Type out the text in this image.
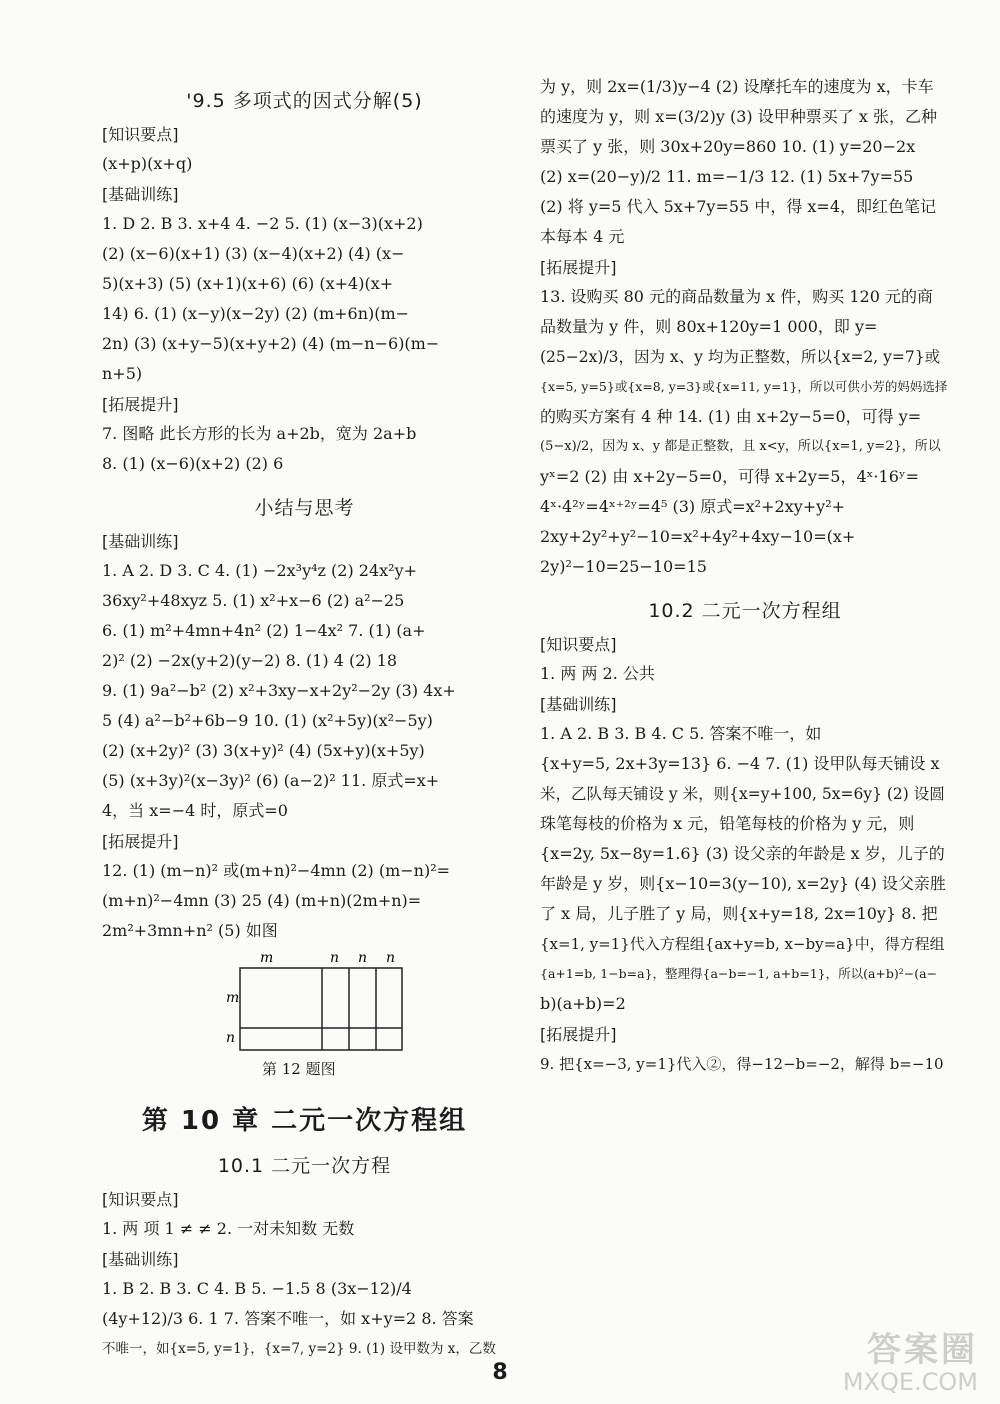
'9.5 多项式的因式分解(5)
[知识要点]
(x+p)(x+q)
[基础训练]
1. D 2. B 3. x+4 4. −2 5. (1) (x−3)(x+2)
(2) (x−6)(x+1) (3) (x−4)(x+2) (4) (x−
5)(x+3) (5) (x+1)(x+6) (6) (x+4)(x+
14) 6. (1) (x−y)(x−2y) (2) (m+6n)(m−
2n) (3) (x+y−5)(x+y+2) (4) (m−n−6)(m−
n+5)
[拓展提升]
7. 图略 此长方形的长为 a+2b，宽为 2a+b
8. (1) (x−6)(x+2) (2) 6
小结与思考
[基础训练]
1. A 2. D 3. C 4. (1) −2x³y⁴z (2) 24x²y+
36xy²+48xyz 5. (1) x²+x−6 (2) a²−25
6. (1) m²+4mn+4n² (2) 1−4x² 7. (1) (a+
2)² (2) −2x(y+2)(y−2) 8. (1) 4 (2) 18
9. (1) 9a²−b² (2) x²+3xy−x+2y²−2y (3) 4x+
5 (4) a²−b²+6b−9 10. (1) (x²+5y)(x²−5y)
(2) (x+2y)² (3) 3(x+y)² (4) (5x+y)(x+5y)
(5) (x+3y)²(x−3y)² (6) (a−2)² 11. 原式=x+
4，当 x=−4 时，原式=0
[拓展提升]
12. (1) (m−n)² 或(m+n)²−4mn (2) (m−n)²=
(m+n)²−4mn (3) 25 (4) (m+n)(2m+n)=
2m²+3mn+n² (5) 如图
m	n n n
m
n
第 12 题图
第 10 章 二元一次方程组
10.1 二元一次方程
[知识要点]
1. 两 项 1 ≠ ≠ 2. 一对未知数 无数
[基础训练]
1. B 2. B 3. C 4. B 5. −1.5 8 (3x−12)/4
(4y+12)/3 6. 1 7. 答案不唯一，如 x+y=2 8. 答案
不唯一，如{x=5, y=1}，{x=7, y=2} 9. (1) 设甲数为 x，乙数
为 y，则 2x=(1/3)y−4 (2) 设摩托车的速度为 x，卡车
的速度为 y，则 x=(3/2)y (3) 设甲种票买了 x 张，乙种
票买了 y 张，则 30x+20y=860 10. (1) y=20−2x
(2) x=(20−y)/2 11. m=−1/3 12. (1) 5x+7y=55
(2) 将 y=5 代入 5x+7y=55 中，得 x=4，即红色笔记
本每本 4 元
[拓展提升]
13. 设购买 80 元的商品数量为 x 件，购买 120 元的商
品数量为 y 件，则 80x+120y=1 000，即 y=
(25−2x)/3，因为 x、y 均为正整数，所以{x=2, y=7}或
{x=5, y=5}或{x=8, y=3}或{x=11, y=1}，所以可供小芳的妈妈选择
的购买方案有 4 种 14. (1) 由 x+2y−5=0，可得 y=
(5−x)/2，因为 x、y 都是正整数，且 x<y，所以{x=1, y=2}，所以
yˣ=2 (2) 由 x+2y−5=0，可得 x+2y=5，4ˣ·16ʸ=
4ˣ·4²ʸ=4ˣ⁺²ʸ=4⁵ (3) 原式=x²+2xy+y²+
2xy+2y²+y²−10=x²+4y²+4xy−10=(x+
2y)²−10=25−10=15
10.2 二元一次方程组
[知识要点]
1. 两 两 2. 公共
[基础训练]
1. A 2. B 3. B 4. C 5. 答案不唯一，如
{x+y=5, 2x+3y=13} 6. −4 7. (1) 设甲队每天铺设 x
米，乙队每天铺设 y 米，则{x=y+100, 5x=6y} (2) 设圆
珠笔每枝的价格为 x 元，铅笔每枝的价格为 y 元，则
{x=2y, 5x−8y=1.6} (3) 设父亲的年龄是 x 岁，儿子的
年龄是 y 岁，则{x−10=3(y−10), x=2y} (4) 设父亲胜
了 x 局，儿子胜了 y 局，则{x+y=18, 2x=10y} 8. 把
{x=1, y=1}代入方程组{ax+y=b, x−by=a}中，得方程组
{a+1=b, 1−b=a}，整理得{a−b=−1, a+b=1}，所以(a+b)²−(a−
b)(a+b)=2
[拓展提升]
9. 把{x=−3, y=1}代入②，得−12−b=−2，解得 b=−10
8
答案圈
MXQE.COM
